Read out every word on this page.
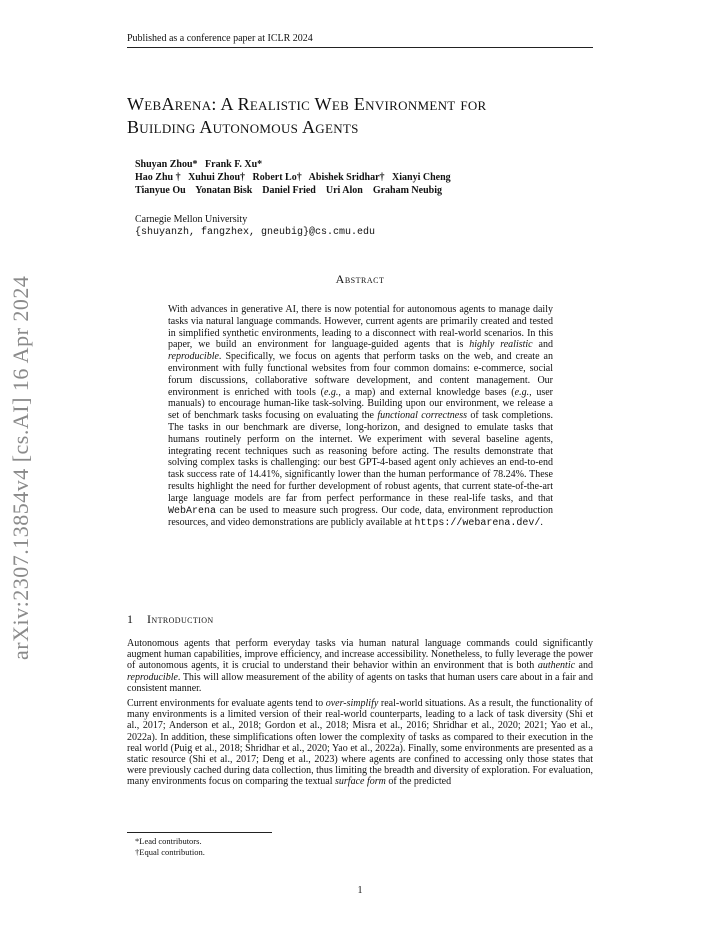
Published as a conference paper at ICLR 2024
arXiv:2307.13854v4 [cs.AI] 16 Apr 2024
WebArena: A Realistic Web Environment for
Building Autonomous Agents
Shuyan Zhou*   Frank F. Xu*
Hao Zhu †   Xuhui Zhou†   Robert Lo†   Abishek Sridhar†   Xianyi Cheng
Tianyue Ou    Yonatan Bisk    Daniel Fried    Uri Alon    Graham Neubig
Carnegie Mellon University
{shuyanzh, fangzhex, gneubig}@cs.cmu.edu
Abstract

With advances in generative AI, there is now potential for autonomous agents to manage daily tasks via natural language commands. However, current agents are primarily created and tested in simplified synthetic environments, leading to a disconnect with real-world scenarios. In this paper, we build an environment for language-guided agents that is highly realistic and reproducible. Specifically, we focus on agents that perform tasks on the web, and create an environment with fully functional websites from four common domains: e-commerce, social forum discussions, collaborative software development, and content management. Our environment is enriched with tools (e.g., a map) and external knowledge bases (e.g., user manuals) to encourage human-like task-solving. Building upon our environment, we release a set of benchmark tasks focusing on evaluating the functional correctness of task completions. The tasks in our benchmark are diverse, long-horizon, and designed to emulate tasks that humans routinely perform on the internet. We experiment with several baseline agents, integrating recent techniques such as reasoning before acting. The results demonstrate that solving complex tasks is challenging: our best GPT-4-based agent only achieves an end-to-end task success rate of 14.41%, significantly lower than the human performance of 78.24%. These results highlight the need for further development of robust agents, that current state-of-the-art large language models are far from perfect performance in these real-life tasks, and that WebArena can be used to measure such progress. Our code, data, environment reproduction resources, and video demonstrations are publicly available at https://webarena.dev/.

1 Introduction

Autonomous agents that perform everyday tasks via human natural language commands could significantly augment human capabilities, improve efficiency, and increase accessibility. Nonetheless, to fully leverage the power of autonomous agents, it is crucial to understand their behavior within an environment that is both authentic and reproducible. This will allow measurement of the ability of agents on tasks that human users care about in a fair and consistent manner.

Current environments for evaluate agents tend to over-simplify real-world situations. As a result, the functionality of many environments is a limited version of their real-world counterparts, leading to a lack of task diversity (Shi et al., 2017; Anderson et al., 2018; Gordon et al., 2018; Misra et al., 2016; Shridhar et al., 2020; 2021; Yao et al., 2022a). In addition, these simplifications often lower the complexity of tasks as compared to their execution in the real world (Puig et al., 2018; Shridhar et al., 2020; Yao et al., 2022a). Finally, some environments are presented as a static resource (Shi et al., 2017; Deng et al., 2023) where agents are confined to accessing only those states that were previously cached during data collection, thus limiting the breadth and diversity of exploration. For evaluation, many environments focus on comparing the textual surface form of the predicted

*Lead contributors.
†Equal contribution.
1
